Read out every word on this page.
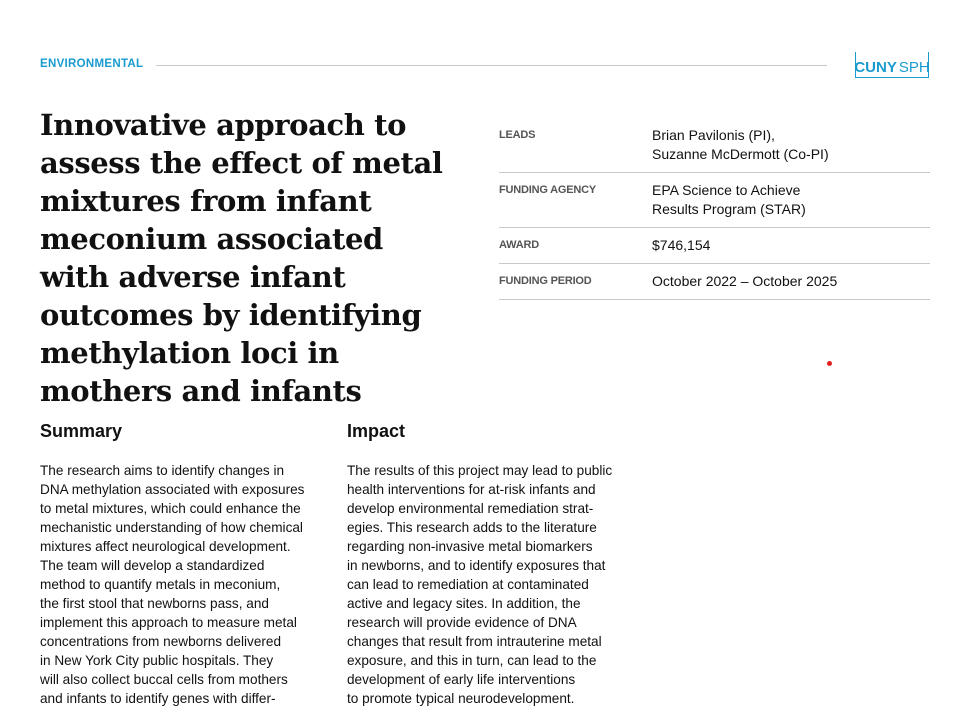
ENVIRONMENTAL	CUNY SPH
Innovative approach to assess the effect of metal mixtures from infant meconium associated with adverse infant outcomes by identifying methylation loci in mothers and infants
LEADS	Brian Pavilonis (PI),
Suzanne McDermott (Co-PI)
FUNDING AGENCY	EPA Science to Achieve
Results Program (STAR)
AWARD	$746,154
FUNDING PERIOD	October 2022 – October 2025
Summary

The research aims to identify changes in
DNA methylation associated with exposures
to metal mixtures, which could enhance the
mechanistic understanding of how chemical
mixtures affect neurological development.
The team will develop a standardized
method to quantify metals in meconium,
the first stool that newborns pass, and
implement this approach to measure metal
concentrations from newborns delivered
in New York City public hospitals. They
will also collect buccal cells from mothers
and infants to identify genes with differ-

Impact

The results of this project may lead to public
health interventions for at-risk infants and
develop environmental remediation strat-
egies. This research adds to the literature
regarding non-invasive metal biomarkers
in newborns, and to identify exposures that
can lead to remediation at contaminated
active and legacy sites. In addition, the
research will provide evidence of DNA
changes that result from intrauterine metal
exposure, and this in turn, can lead to the
development of early life interventions
to promote typical neurodevelopment.
